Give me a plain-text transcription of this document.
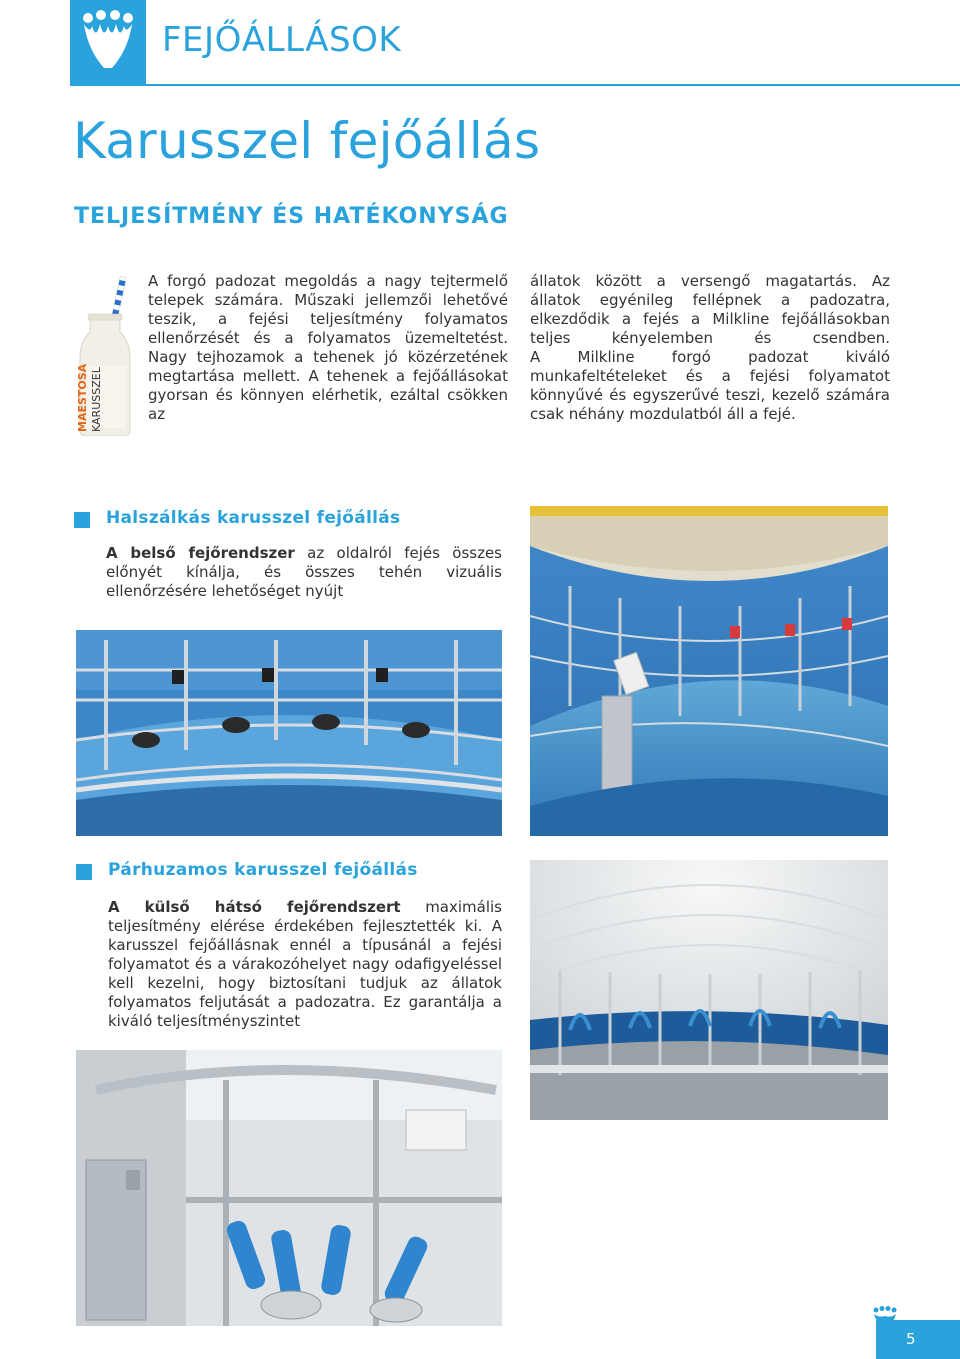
FEJŐÁLLÁSOK
Karusszel fejőállás
TELJESÍTMÉNY ÉS HATÉKONYSÁG
MAESTOSA KARUSSZEL
A forgó padozat megoldás a nagy tejtermelő telepek számára. Műszaki jellemzői lehetővé teszik, a fejési teljesítmény folyamatos ellenőrzését és a folyamatos üzemeltetést. Nagy tejhozamok a tehenek jó közérzetének megtartása mellett. A tehenek a fejőállásokat gyorsan és könnyen elérhetik, ezáltal csökken az

állatok között a versengő magatartás. Az állatok egyénileg fellépnek a padozatra, elkezdődik a fejés a Milkline fejőállásokban teljes kényelemben és csendben.

A Milkline forgó padozat kiváló munkafeltételeket és a fejési folyamatot könnyűvé és egyszerűvé teszi, kezelő számára csak néhány mozdulatból áll a fejé.

Halszálkás karusszel fejőállás
A belső fejőrendszer az oldalról fejés összes előnyét kínálja, és összes tehén vizuális ellenőrzésére lehetőséget nyújt
Párhuzamos karusszel fejőállás
A külső hátsó fejőrendszert maximális teljesítmény elérése érdekében fejlesztették ki. A karusszel fejőállásnak ennél a típusánál a fejési folyamatot és a várakozóhelyet nagy odafigyeléssel kell kezelni, hogy biztosítani tudjuk az állatok folyamatos feljutását a padozatra. Ez garantálja a kiváló teljesítményszintet
5
